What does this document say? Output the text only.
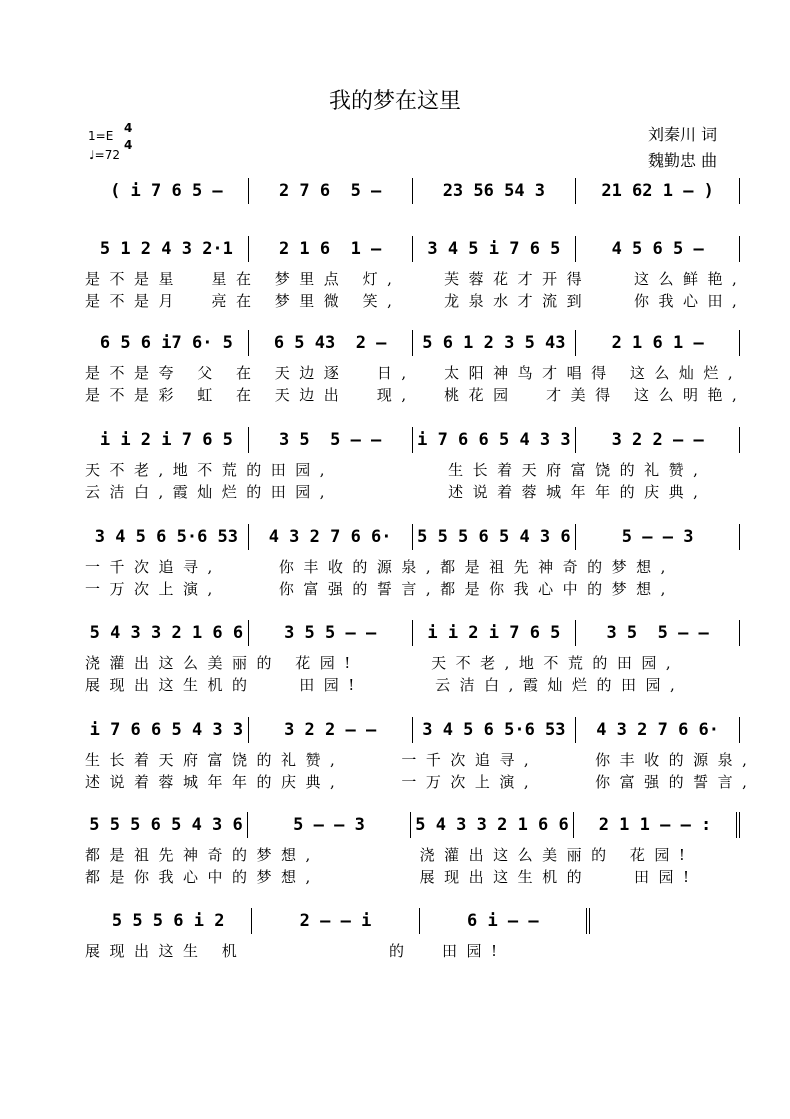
我的梦在这里
刘秦川 词
魏勤忠 曲
1=E
4
4
♩=72
( i 7 6 5 –	2 7 6  5 –	23 56 54 3	21 62 1 – )
5 1 2 4 3 2·1	2 1 6  1 –	3 4 5 i 7 6 5	4 5 6 5 –
是不是星  星在 梦里点 灯,   芙蓉花才开得   这么鲜艳,
是不是月  亮在 梦里微 笑,   龙泉水才流到   你我心田,
6 5 6 i7 6· 5	6 5 43  2 –	5 6 1 2 3 5 43	2 1 6 1 –
是不是夸 父 在 天边逐  日,  太阳神鸟才唱得 这么灿烂,
是不是彩 虹 在 天边出  现,  桃花园  才美得 这么明艳,
i i 2 i 7 6 5	3 5  5 – –	i 7 6 6 5 4 3 3	3 2 2 – –
天不老,地不荒的田园,        生长着天府富饶的礼赞,
云洁白,霞灿烂的田园,        述说着蓉城年年的庆典,
3 4 5 6 5·6 53	4 3 2 7 6 6·	5 5 5 6 5 4 3 6	5 – – 3
一千次追寻,    你丰收的源泉,都是祖先神奇的梦想,
一万次上演,    你富强的誓言,都是你我心中的梦想,
5 4 3 3 2 1 6 6	3 5 5 – –	i i 2 i 7 6 5	3 5  5 – –
浇灌出这么美丽的 花园!     天不老,地不荒的田园,
展现出这生机的   田园!     云洁白,霞灿烂的田园,
i 7 6 6 5 4 3 3	3 2 2 – –	3 4 5 6 5·6 53	4 3 2 7 6 6·
生长着天府富饶的礼赞,    一千次追寻,    你丰收的源泉,
述说着蓉城年年的庆典,    一万次上演,    你富强的誓言,
5 5 5 6 5 4 3 6	5 – – 3	5 4 3 3 2 1 6 6	2 1 1 – – :
都是祖先神奇的梦想,       浇灌出这么美丽的 花园!
都是你我心中的梦想,       展现出这生机的   田园!
5 5 5 6 i 2	2 – – i	6 i – –
展现出这生 机          的  田园!
